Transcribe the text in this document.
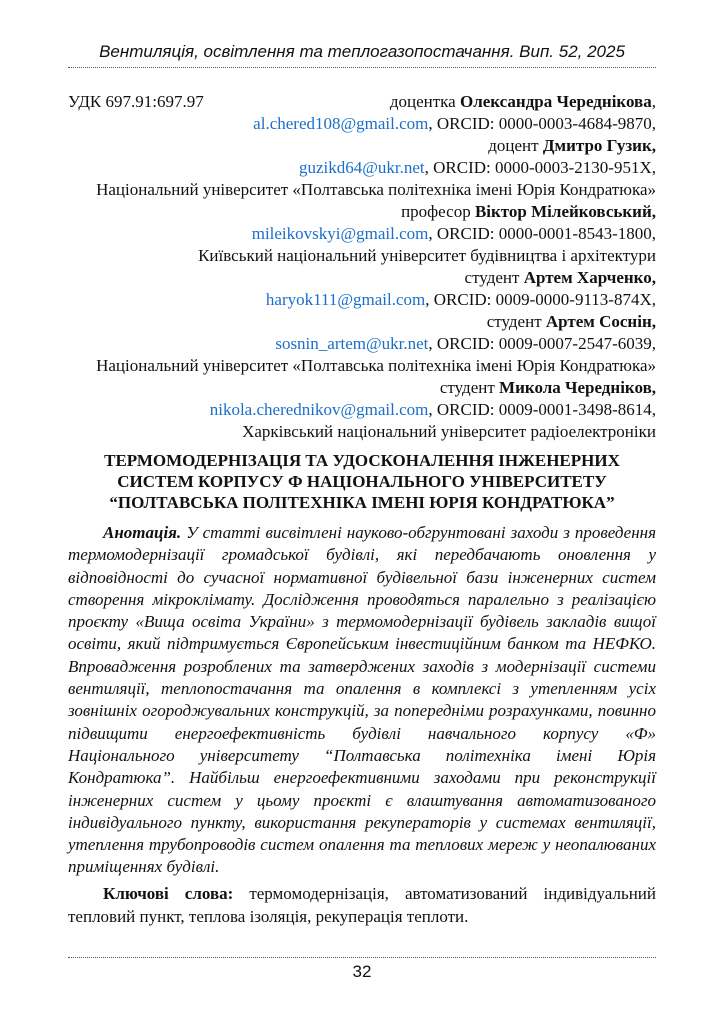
Вентиляція, освітлення та теплогазопостачання. Вип. 52, 2025
УДК 697.91:697.97	доцентка Олександра Череднікова,
al.chered108@gmail.com, ORCID: 0000-0003-4684-9870,
доцент Дмитро Гузик,
guzikd64@ukr.net, ORCID: 0000-0003-2130-951X,
Національний університет «Полтавська політехніка імені Юрія Кондратюка»
професор Віктор Мілейковський,
mileikovskyi@gmail.com, ORCID: 0000-0001-8543-1800,
Київський національний університет будівництва і архітектури
студент Артем Харченко,
haryok111@gmail.com, ORCID: 0009-0000-9113-874X,
студент Артем Соснін,
sosnin_artem@ukr.net, ORCID: 0009-0007-2547-6039,
Національний університет «Полтавська політехніка імені Юрія Кондратюка»
студент Микола Чередніков,
nikola.cherednikov@gmail.com, ORCID: 0009-0001-3498-8614,
Харківський національний університет радіоелектроніки
ТЕРМОМОДЕРНІЗАЦІЯ ТА УДОСКОНАЛЕННЯ ІНЖЕНЕРНИХ
СИСТЕМ КОРПУСУ Ф НАЦІОНАЛЬНОГО УНІВЕРСИТЕТУ
“ПОЛТАВСЬКА ПОЛІТЕХНІКА ІМЕНІ ЮРІЯ КОНДРАТЮКА”
Анотація. У статті висвітлені науково-обгрунтовані заходи з проведення
термомодернізації громадської будівлі, які передбачають оновлення у
відповідності до сучасної нормативної будівельної бази інженерних систем
створення мікроклімату. Дослідження проводяться паралельно з реалізацією
проєкту «Вища освіта України» з термомодернізації будівель закладів вищої
освіти, який підтримується Європейським інвестиційним банком та НЕФКО.
Впровадження розроблених та затверджених заходів з модернізації системи
вентиляції, теплопостачання та опалення в комплексі з утепленням усіх
зовнішніх огороджувальних конструкцій, за попередніми розрахунками, повинно
підвищити енергоефективність будівлі навчального корпусу «Ф»
Національного університету “Полтавська політехніка імені Юрія
Кондратюка”. Найбільш енергоефективними заходами при реконструкції
інженерних систем у цьому проєкті є влаштування автоматизованого
індивідуального пункту, використання рекуператорів у системах вентиляції,
утеплення трубопроводів систем опалення та теплових мереж у неопалюваних
приміщеннях будівлі.
Ключові слова: термомодернізація, автоматизований індивідуальний
тепловий пункт, теплова ізоляція, рекуперація теплоти.
32
